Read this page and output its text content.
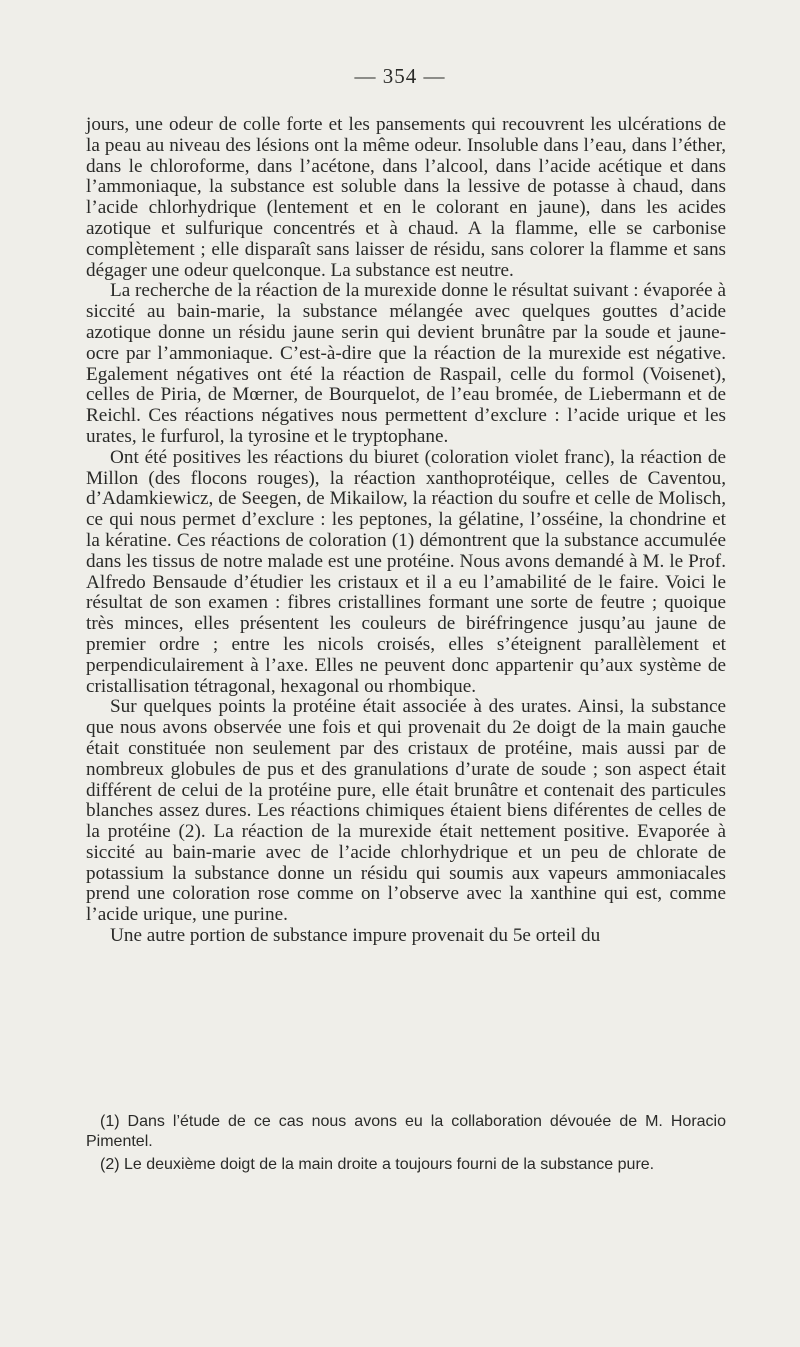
— 354 —

jours, une odeur de colle forte et les pansements qui recouvrent les ulcérations de la peau au niveau des lésions ont la même odeur. Insoluble dans l’eau, dans l’éther, dans le chloroforme, dans l’acétone, dans l’alcool, dans l’acide acétique et dans l’ammoniaque, la substance est soluble dans la lessive de potasse à chaud, dans l’acide chlorhydrique (lentement et en le colorant en jaune), dans les acides azotique et sulfurique concentrés et à chaud. A la flamme, elle se carbonise complètement ; elle disparaît sans laisser de résidu, sans colorer la flamme et sans dégager une odeur quelconque. La substance est neutre.

La recherche de la réaction de la murexide donne le résultat suivant : évaporée à siccité au bain-marie, la substance mélangée avec quelques gouttes d’acide azotique donne un résidu jaune serin qui devient brunâtre par la soude et jaune-ocre par l’ammoniaque. C’est-à-dire que la réaction de la murexide est négative. Egalement négatives ont été la réaction de Raspail, celle du formol (Voisenet), celles de Piria, de Mœrner, de Bourquelot, de l’eau bromée, de Liebermann et de Reichl. Ces réactions négatives nous permettent d’exclure : l’acide urique et les urates, le furfurol, la tyrosine et le tryptophane.

Ont été positives les réactions du biuret (coloration violet franc), la réaction de Millon (des flocons rouges), la réaction xanthoprotéique, celles de Caventou, d’Adamkiewicz, de Seegen, de Mikailow, la réaction du soufre et celle de Molisch, ce qui nous permet d’exclure : les peptones, la gélatine, l’osséine, la chondrine et la kératine. Ces réactions de coloration (1) démontrent que la substance accumulée dans les tissus de notre malade est une protéine. Nous avons demandé à M. le Prof. Alfredo Bensaude d’étudier les cristaux et il a eu l’amabilité de le faire. Voici le résultat de son examen : fibres cristallines formant une sorte de feutre ; quoique très minces, elles présentent les couleurs de biréfringence jusqu’au jaune de premier ordre ; entre les nicols croisés, elles s’éteignent parallèlement et perpendiculairement à l’axe. Elles ne peuvent donc appartenir qu’aux système de cristallisation tétragonal, hexagonal ou rhombique.

Sur quelques points la protéine était associée à des urates. Ainsi, la substance que nous avons observée une fois et qui provenait du 2e doigt de la main gauche était constituée non seulement par des cristaux de protéine, mais aussi par de nombreux globules de pus et des granulations d’urate de soude ; son aspect était différent de celui de la protéine pure, elle était brunâtre et contenait des particules blanches assez dures. Les réactions chimiques étaient biens diférentes de celles de la protéine (2). La réaction de la murexide était nettement positive. Evaporée à siccité au bain-marie avec de l’acide chlorhydrique et un peu de chlorate de potassium la substance donne un résidu qui soumis aux vapeurs ammoniacales prend une coloration rose comme on l’observe avec la xanthine qui est, comme l’acide urique, une purine.

Une autre portion de substance impure provenait du 5e orteil du

(1) Dans l’étude de ce cas nous avons eu la collaboration dévouée de M. Horacio Pimentel.

(2) Le deuxième doigt de la main droite a toujours fourni de la substance pure.
